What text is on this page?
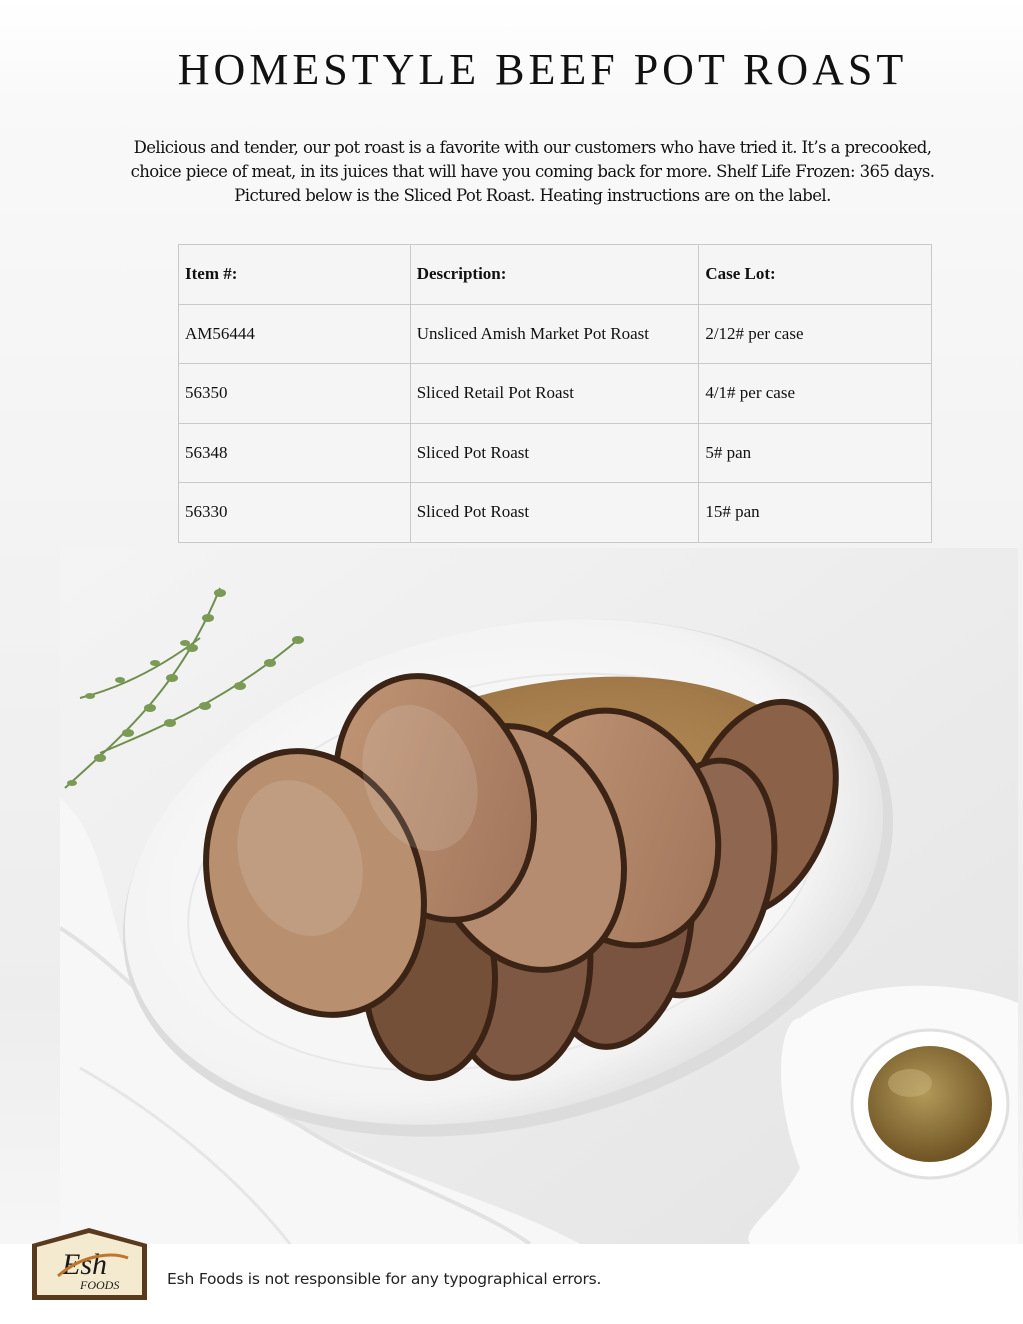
HOMESTYLE BEEF POT ROAST
Delicious and tender, our pot roast is a favorite with our customers who have tried it. It’s a precooked,
choice piece of meat, in its juices that will have you coming back for more. Shelf Life Frozen: 365 days.
Pictured below is the Sliced Pot Roast. Heating instructions are on the label.
Item #:	Description:	Case Lot:
AM56444	Unsliced Amish Market Pot Roast	2/12# per case
56350	Sliced Retail Pot Roast	4/1# per case
56348	Sliced Pot Roast	5# pan
56330	Sliced Pot Roast	15# pan
Esh
FOODS	Esh Foods is not responsible for any typographical errors.
